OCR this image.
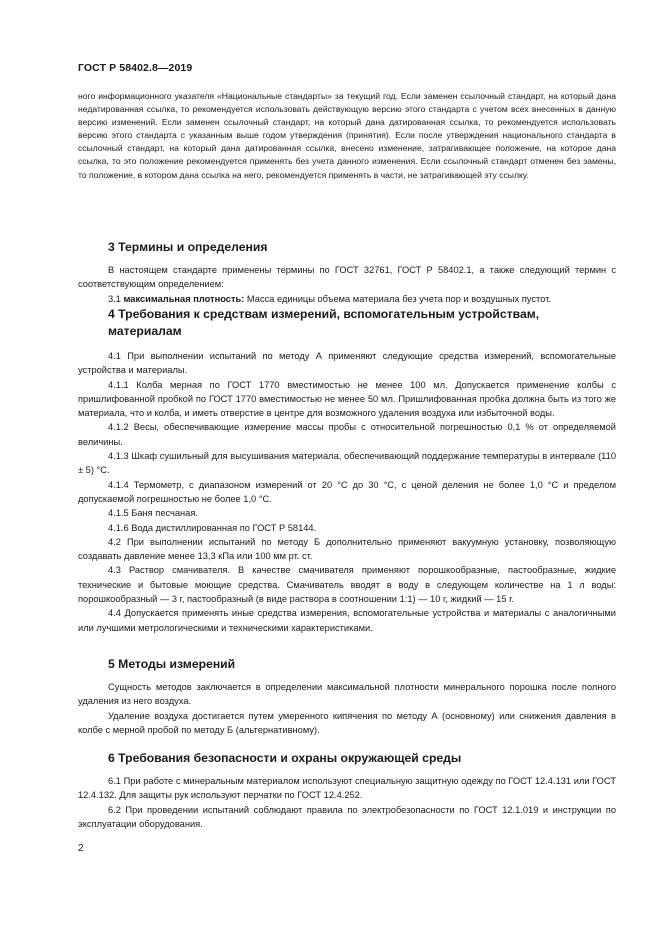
ГОСТ Р 58402.8—2019

ного информационного указателя «Национальные стандарты» за текущий год. Если заменен ссылочный стандарт, на который дана недатированная ссылка, то рекомендуется использовать действующую версию этого стандарта с учетом всех внесенных в данную версию изменений. Если заменен ссылочный стандарт, на который дана датированная ссылка, то рекомендуется использовать версию этого стандарта с указанным выше годом утверждения (принятия). Если после утверждения национального стандарта в ссылочный стандарт, на который дана датированная ссылка, внесено изменение, затрагивающее положение, на которое дана ссылка, то это положение рекомендуется применять без учета данного изменения. Если ссылочный стандарт отменен без замены, то положение, в котором дана ссылка на него, рекомендуется применять в части, не затрагивающей эту ссылку.

3 Термины и определения

В настоящем стандарте применены термины по ГОСТ 32761, ГОСТ Р 58402.1, а также следующий термин с соответствующим определением:

3.1 максимальная плотность: Масса единицы объема материала без учета пор и воздушных пустот.

4 Требования к средствам измерений, вспомогательным устройствам,
материалам

4.1 При выполнении испытаний по методу А применяют следующие средства измерений, вспомогательные устройства и материалы.

4.1.1 Колба мерная по ГОСТ 1770 вместимостью не менее 100 мл. Допускается применение колбы с пришлифованной пробкой по ГОСТ 1770 вместимостью не менее 50 мл. Пришлифованная пробка должна быть из того же материала, что и колба, и иметь отверстие в центре для возможного удаления воздуха или избыточной воды.

4.1.2 Весы, обеспечивающие измерение массы пробы с относительной погрешностью 0,1 % от определяемой величины.

4.1.3 Шкаф сушильный для высушивания материала, обеспечивающий поддержание температуры в интервале (110 ± 5) °С.

4.1.4 Термометр, с диапазоном измерений от 20 °С до 30 °С, с ценой деления не более 1,0 °С и пределом допускаемой погрешностью не более 1,0 °С.

4.1.5 Баня песчаная.

4.1.6 Вода дистиллированная по ГОСТ Р 58144.

4.2 При выполнении испытаний по методу Б дополнительно применяют вакуумную установку, позволяющую создавать давление менее 13,3 кПа или 100 мм рт. ст.

4.3 Раствор смачивателя. В качестве смачивателя применяют порошкообразные, пастообразные, жидкие технические и бытовые моющие средства. Смачиватель вводят в воду в следующем количестве на 1 л воды: порошкообразный — 3 г, пастообразный (в виде раствора в соотношении 1:1) — 10 г, жидкий — 15 г.

4.4 Допускается применять иные средства измерения, вспомогательные устройства и материалы с аналогичными или лучшими метрологическими и техническими характеристиками.

5 Методы измерений

Сущность методов заключается в определении максимальной плотности минерального порошка после полного удаления из него воздуха.

Удаление воздуха достигается путем умеренного кипячения по методу А (основному) или снижения давления в колбе с мерной пробой по методу Б (альтернативному).

6 Требования безопасности и охраны окружающей среды

6.1 При работе с минеральным материалом используют специальную защитную одежду по ГОСТ 12.4.131 или ГОСТ 12.4.132. Для защиты рук используют перчатки по ГОСТ 12.4.252.

6.2 При проведении испытаний соблюдают правила по электробезопасности по ГОСТ 12.1.019 и инструкции по эксплуатации оборудования.

2
